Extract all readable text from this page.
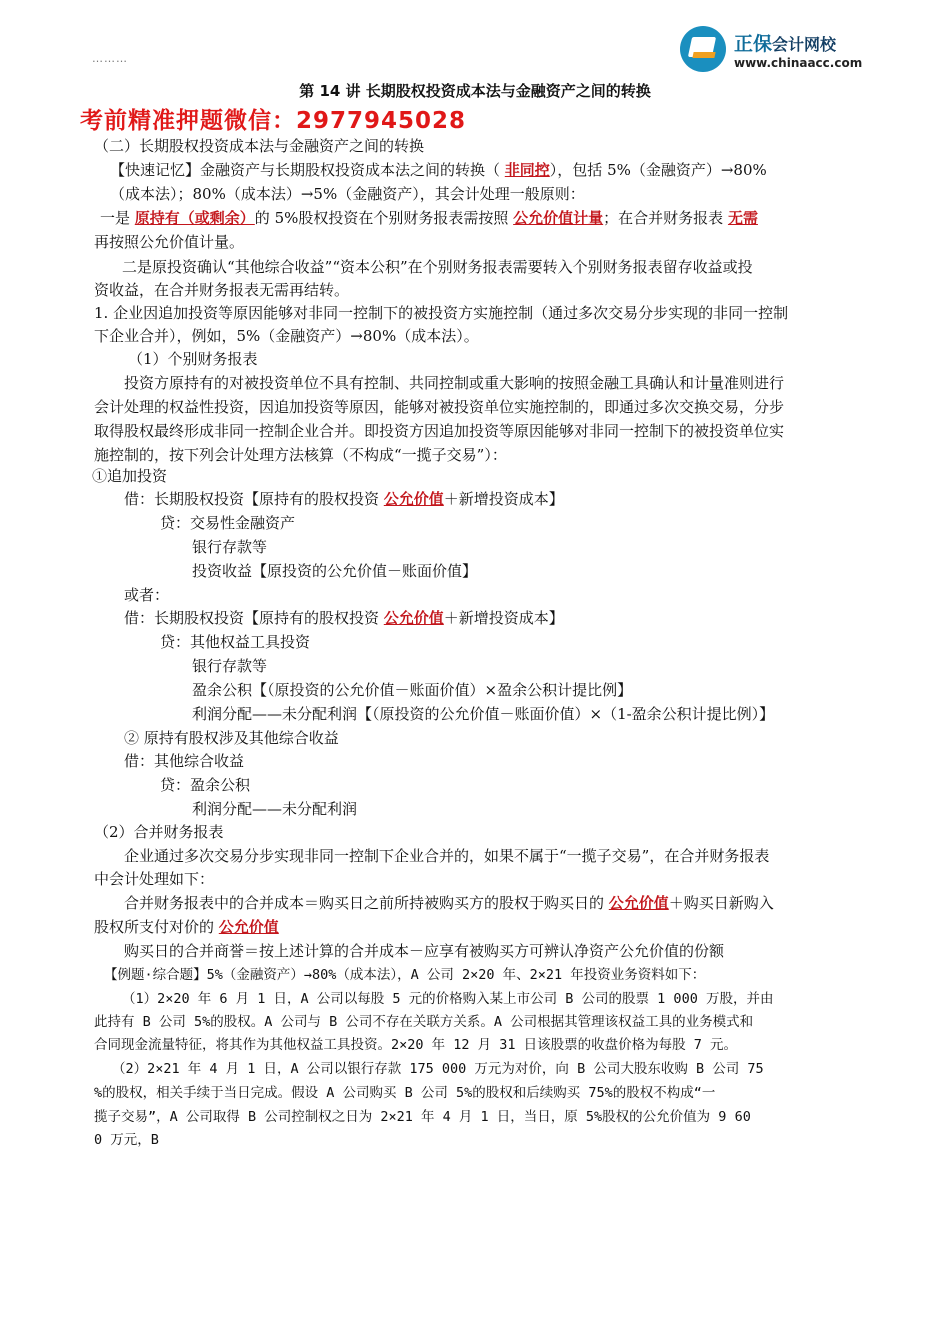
………
正保会计网校
www.chinaacc.com
第 14 讲 长期股权投资成本法与金融资产之间的转换
考前精准押题微信：2977945028
（二）长期股权投资成本法与金融资产之间的转换
【快速记忆】金融资产与长期股权投资成本法之间的转换（ 非同控），包括 5%（金融资产）→80%
（成本法）；80%（成本法）→5%（金融资产），其会计处理一般原则：
一是 原持有（或剩余）的 5%股权投资在个别财务报表需按照 公允价值计量；在合并财务报表 无需
再按照公允价值计量。
二是原投资确认“其他综合收益”“资本公积”在个别财务报表需要转入个别财务报表留存收益或投
资收益，在合并财务报表无需再结转。
1. 企业因追加投资等原因能够对非同一控制下的被投资方实施控制（通过多次交易分步实现的非同一控制
下企业合并），例如，5%（金融资产）→80%（成本法）。
（1）个别财务报表
投资方原持有的对被投资单位不具有控制、共同控制或重大影响的按照金融工具确认和计量准则进行
会计处理的权益性投资，因追加投资等原因，能够对被投资单位实施控制的，即通过多次交换交易，分步
取得股权最终形成非同一控制企业合并。即投资方因追加投资等原因能够对非同一控制下的被投资单位实
施控制的，按下列会计处理方法核算（不构成“一揽子交易”）：
①追加投资
借：长期股权投资【原持有的股权投资 公允价值＋新增投资成本】
贷：交易性金融资产
银行存款等
投资收益【原投资的公允价值－账面价值】
或者：
借：长期股权投资【原持有的股权投资 公允价值＋新增投资成本】
贷：其他权益工具投资
银行存款等
盈余公积【（原投资的公允价值－账面价值）×盈余公积计提比例】
利润分配——未分配利润【（原投资的公允价值－账面价值）×（1-盈余公积计提比例）】
② 原持有股权涉及其他综合收益
借：其他综合收益
贷：盈余公积
利润分配——未分配利润
（2）合并财务报表
企业通过多次交易分步实现非同一控制下企业合并的，如果不属于“一揽子交易”，在合并财务报表
中会计处理如下：
合并财务报表中的合并成本＝购买日之前所持被购买方的股权于购买日的 公允价值＋购买日新购入
股权所支付对价的 公允价值
购买日的合并商誉＝按上述计算的合并成本－应享有被购买方可辨认净资产公允价值的份额
【例题·综合题】5%（金融资产）→80%（成本法），A 公司 2×20 年、2×21 年投资业务资料如下：
（1）2×20 年 6 月 1 日，A 公司以每股 5 元的价格购入某上市公司 B 公司的股票 1 000 万股，并由
此持有 B 公司 5%的股权。A 公司与 B 公司不存在关联方关系。A 公司根据其管理该权益工具的业务模式和
合同现金流量特征，将其作为其他权益工具投资。2×20 年 12 月 31 日该股票的收盘价格为每股 7 元。
（2）2×21 年 4 月 1 日，A 公司以银行存款 175 000 万元为对价，向 B 公司大股东收购 B 公司 75
%的股权，相关手续于当日完成。假设 A 公司购买 B 公司 5%的股权和后续购买 75%的股权不构成“一
揽子交易”，A 公司取得 B 公司控制权之日为 2×21 年 4 月 1 日，当日，原 5%股权的公允价值为 9 60
0 万元，B
